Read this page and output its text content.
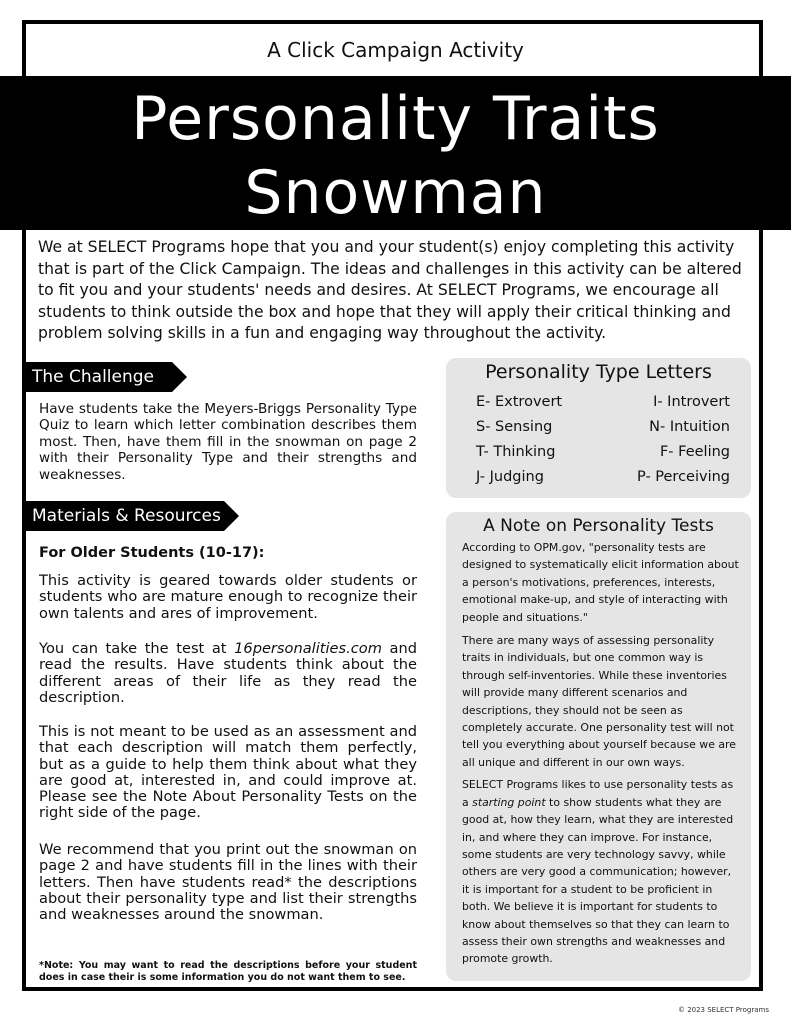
A Click Campaign Activity
Personality Traits
Snowman
We at SELECT Programs hope that you and your student(s) enjoy completing this activity that is part of the Click Campaign. The ideas and challenges in this activity can be altered to fit you and your students' needs and desires. At SELECT Programs, we encourage all students to think outside the box and hope that they will apply their critical thinking and problem solving skills in a fun and engaging way throughout the activity.
The Challenge
Have students take the Meyers-Briggs Personality Type Quiz to learn which letter combination describes them most. Then, have them fill in the snowman on page 2 with their Personality Type and their strengths and weaknesses.
Materials & Resources
For Older Students (10-17):
This activity is geared towards older students or students who are mature enough to recognize their own talents and ares of improvement.
You can take the test at 16personalities.com and read the results. Have students think about the different areas of their life as they read the description.
This is not meant to be used as an assessment and that each description will match them perfectly, but as a guide to help them think about what they are good at, interested in, and could improve at. Please see the Note About Personality Tests on the right side of the page.
We recommend that you print out the snowman on page 2 and have students fill in the lines with their letters. Then have students read* the descriptions about their personality type and list their strengths and weaknesses around the snowman.
*Note: You may want to read the descriptions before your student does in case their is some information you do not want them to see.
Personality Type Letters
E- Extrovert	I- Introvert
S- Sensing	N- Intuition
T- Thinking	F- Feeling
J- Judging	P- Perceiving
A Note on Personality Tests

According to OPM.gov, "personality tests are designed to systematically elicit information about a person's motivations, preferences, interests, emotional make-up, and style of interacting with people and situations."

There are many ways of assessing personality traits in individuals, but one common way is through self-inventories. While these inventories will provide many different scenarios and descriptions, they should not be seen as completely accurate. One personality test will not tell you everything about yourself because we are all unique and different in our own ways.

SELECT Programs likes to use personality tests as a starting point to show students what they are good at, how they learn, what they are interested in, and where they can improve. For instance, some students are very technology savvy, while others are very good a communication; however, it is important for a student to be proficient in both. We believe it is important for students to know about themselves so that they can learn to assess their own strengths and weaknesses and promote growth.

© 2023 SELECT Programs
